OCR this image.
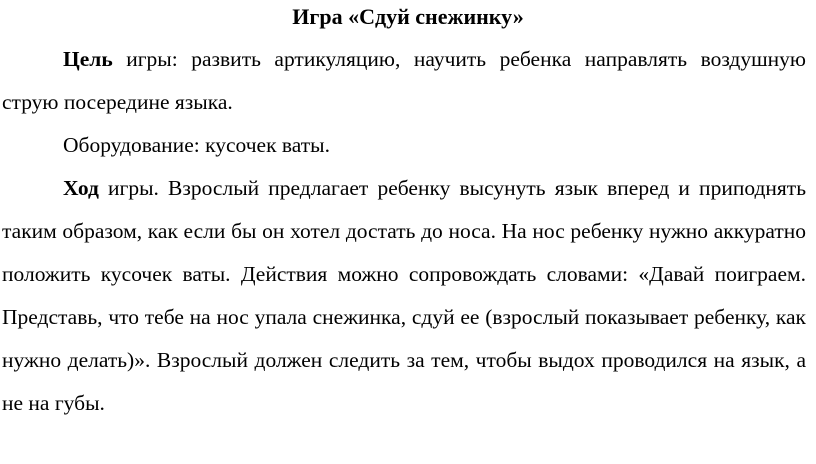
Игра «Сдуй снежинку»

Цель игры: развить артикуляцию, научить ребенка направлять воздушную струю посередине языка.

Оборудование: кусочек ваты.

Ход игры. Взрослый предлагает ребенку высунуть язык вперед и приподнять таким образом, как если бы он хотел достать до носа. На нос ребенку нужно аккуратно положить кусочек ваты. Действия можно сопровождать словами: «Давай поиграем. Представь, что тебе на нос упала снежинка, сдуй ее (взрослый показывает ребенку, как нужно делать)». Взрослый должен следить за тем, чтобы выдох проводился на язык, а не на губы.
